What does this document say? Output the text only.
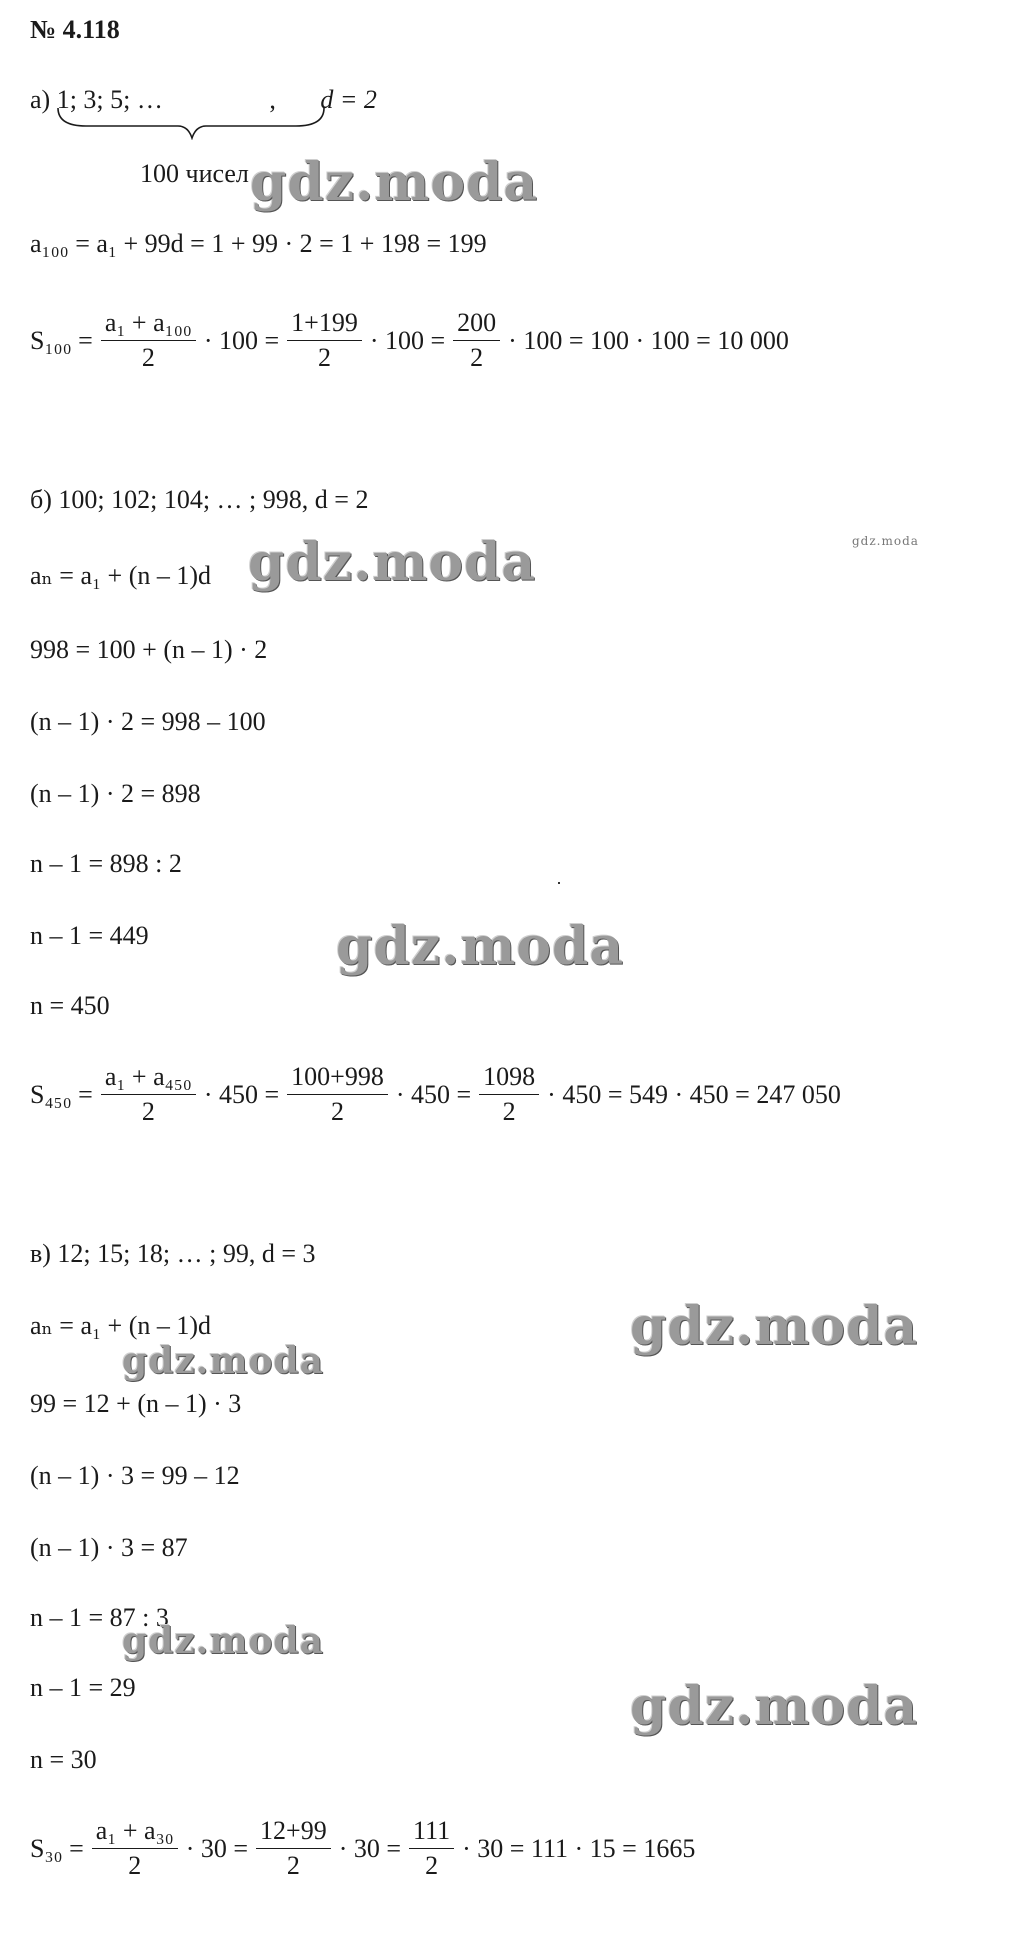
№ 4.118
а) 1; 3; 5; …	, d = 2
100 чисел
a₁₀₀ = a₁ + 99d = 1 + 99 · 2 = 1 + 198 = 199
$S_{100} = \frac{\text{a₁ + a₁₀₀}}{2} \cdot 100 = \frac{1+199}{2} \cdot 100 = \frac{200}{2} \cdot 100 = 100 \cdot 100 = 10$ 000
б) 100; 102; 104; … ; 998, d = 2
aₙ = a₁ + (n – 1)d
998 = 100 + (n – 1) · 2
(n – 1) · 2 = 998 – 100
(n – 1) · 2 = 898
n – 1 = 898 : 2
n – 1 = 449
n = 450
$S_{450} = \frac{\text{a₁ + a₄₅₀}}{2} \cdot 450 = \frac{100+998}{2} \cdot 450 = \frac{1098}{2} \cdot 450 = 549 \cdot 450 = 247$ 050
в) 12; 15; 18; … ; 99, d = 3
aₙ = a₁ + (n – 1)d
99 = 12 + (n – 1) · 3
(n – 1) · 3 = 99 – 12
(n – 1) · 3 = 87
n – 1 = 87 : 3
n – 1 = 29
n = 30
$S_{30} = \frac{\text{a₁ + a₃₀}}{2} \cdot 30 = \frac{12+99}{2} \cdot 30 = \frac{111}{2} \cdot 30 = 111 \cdot 15 = 1665$
gdz.moda
gdz.moda	gdz.moda
gdz.moda
gdz.moda
gdz.moda
gdz.moda
gdz.moda
